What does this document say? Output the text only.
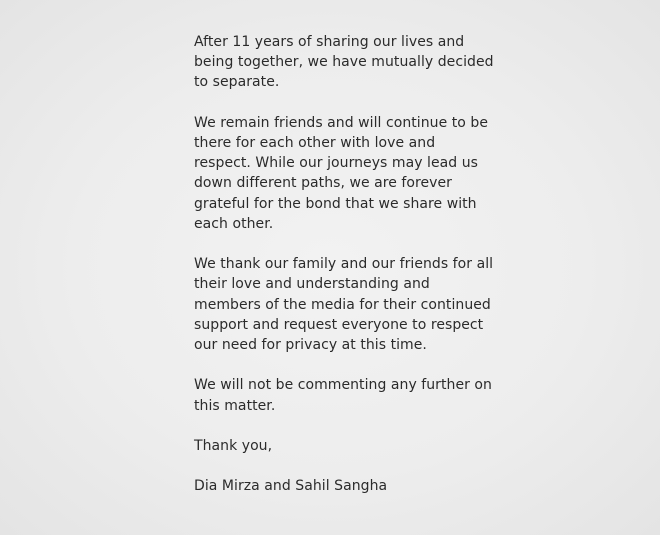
After 11 years of sharing our lives and
being together, we have mutually decided
to separate.

We remain friends and will continue to be
there for each other with love and
respect. While our journeys may lead us
down different paths, we are forever
grateful for the bond that we share with
each other.

We thank our family and our friends for all
their love and understanding and
members of the media for their continued
support and request everyone to respect
our need for privacy at this time.

We will not be commenting any further on
this matter.

Thank you,

Dia Mirza and Sahil Sangha
